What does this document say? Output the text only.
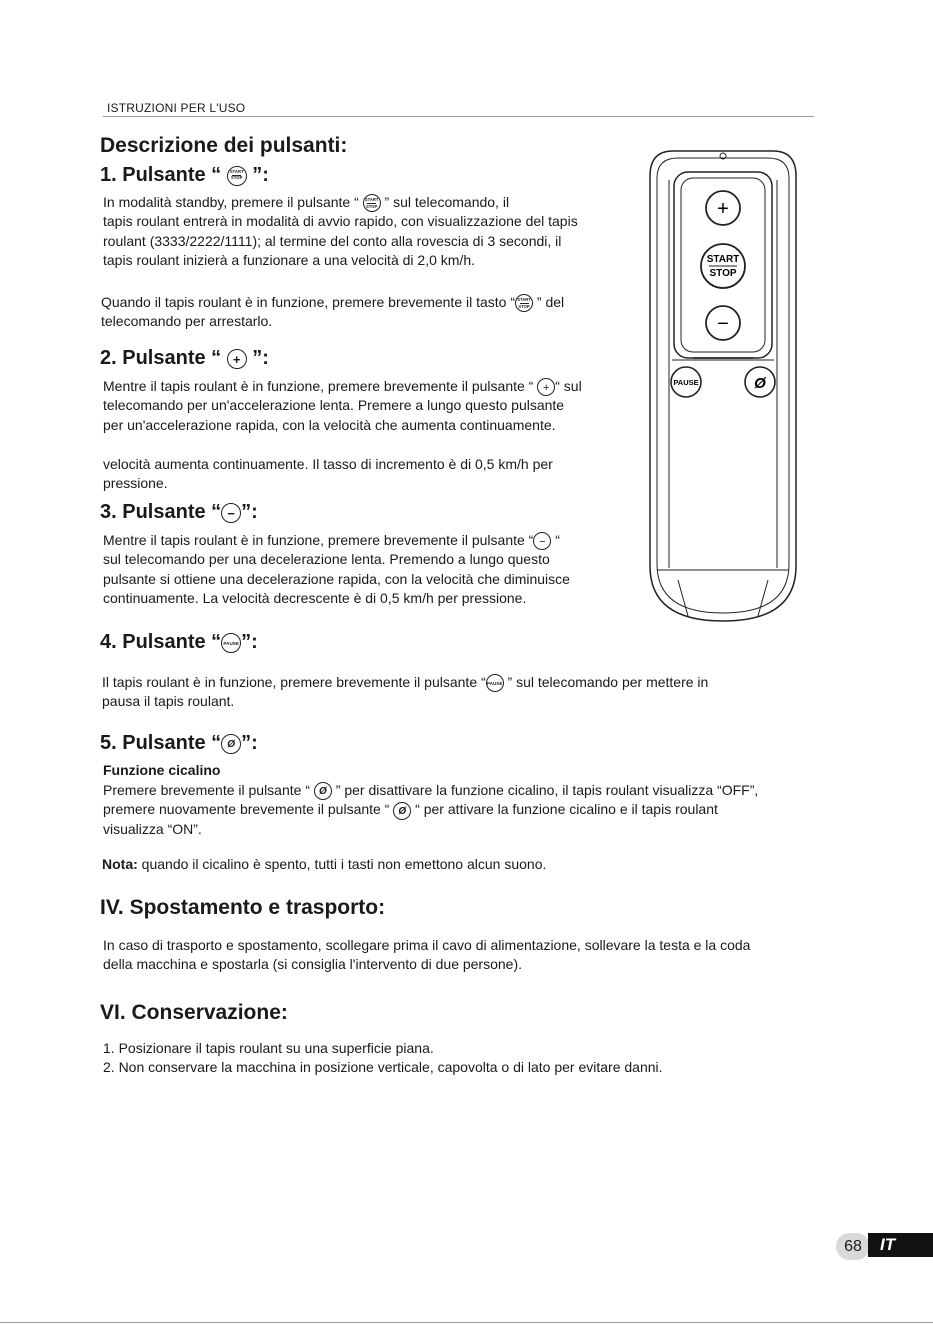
ISTRUZIONI PER L'USO
Descrizione dei pulsanti:
1. Pulsante “ START
STOP ”:
In modalità standby, premere il pulsante “ START
STOP ” sul telecomando, il
tapis roulant entrerà in modalità di avvio rapido, con visualizzazione del tapis
roulant (3333/2222/1111); al termine del conto alla rovescia di 3 secondi, il
tapis roulant inizierà a funzionare a una velocità di 2,0 km/h.
Quando il tapis roulant è in funzione, premere brevemente il tasto “ START
STOP ” del
telecomando per arrestarlo.
2. Pulsante “ + ”:
Mentre il tapis roulant è in funzione, premere brevemente il pulsante “ + “ sul
telecomando per un'accelerazione lenta. Premere a lungo questo pulsante
per un'accelerazione rapida, con la velocità che aumenta continuamente.
velocità aumenta continuamente. Il tasso di incremento è di 0,5 km/h per
pressione.
3. Pulsante “ − ”:
Mentre il tapis roulant è in funzione, premere brevemente il pulsante “ − “
sul telecomando per una decelerazione lenta. Premendo a lungo questo
pulsante si ottiene una decelerazione rapida, con la velocità che diminuisce
continuamente. La velocità decrescente è di 0,5 km/h per pressione.
4. Pulsante “ PAUSE ”:
Il tapis roulant è in funzione, premere brevemente il pulsante “PAUSE ” sul telecomando per mettere in
pausa il tapis roulant.
5. Pulsante “ Ø ”:
Funzione cicalino
Premere brevemente il pulsante “ Ø ” per disattivare la funzione cicalino, il tapis roulant visualizza “OFF”,
premere nuovamente brevemente il pulsante “ Ø “ per attivare la funzione cicalino e il tapis roulant
visualizza “ON”.
Nota: quando il cicalino è spento, tutti i tasti non emettono alcun suono.
IV. Spostamento e trasporto:
In caso di trasporto e spostamento, scollegare prima il cavo di alimentazione, sollevare la testa e la coda
della macchina e spostarla (si consiglia l'intervento di due persone).
VI. Conservazione:
1. Posizionare il tapis roulant su una superficie piana.
2. Non conservare la macchina in posizione verticale, capovolta o di lato per evitare danni.
+
START
STOP
−
PAUSE	Ø
68	IT
